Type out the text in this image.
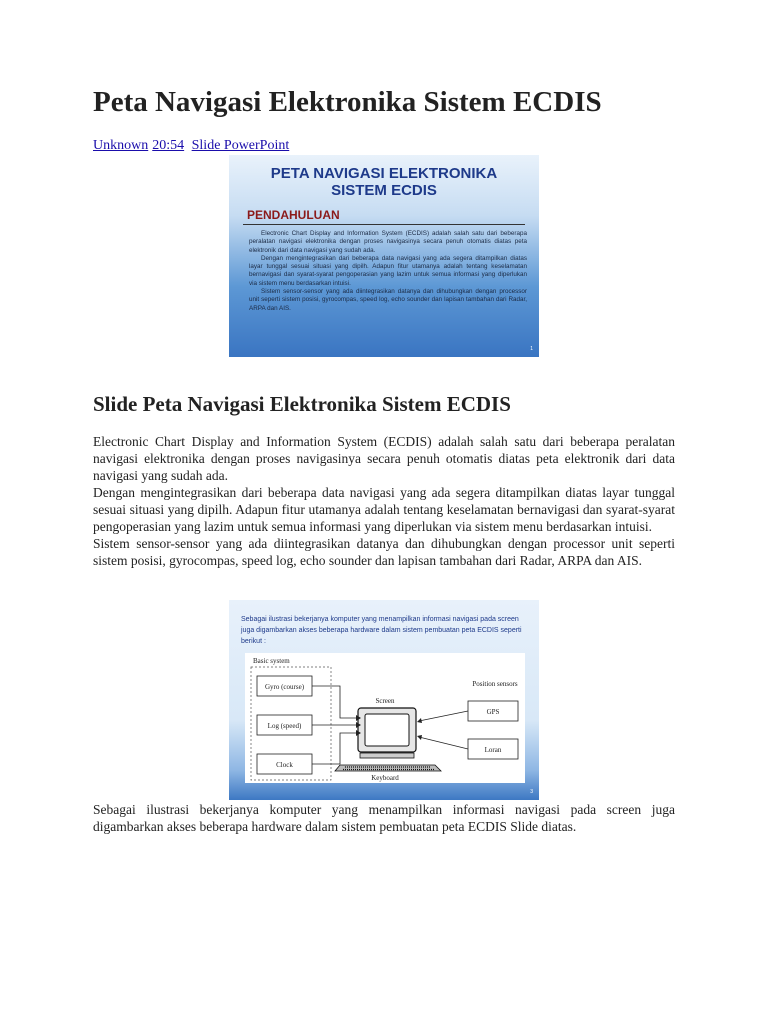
Peta Navigasi Elektronika Sistem ECDIS
Unknown 20:54 Slide PowerPoint
PETA NAVIGASI ELEKTRONIKA
SISTEM ECDIS
PENDAHULUAN

Electronic Chart Display and Information System (ECDIS) adalah salah satu dari beberapa peralatan navigasi elektronika dengan proses navigasinya secara penuh otomatis diatas peta elektronik dari data navigasi yang sudah ada.

Dengan mengintegrasikan dari beberapa data navigasi yang ada segera ditampilkan diatas layar tunggal sesuai situasi yang dipilh. Adapun fitur utamanya adalah tentang keselamatan bernavigasi dan syarat-syarat pengoperasian yang lazim untuk semua informasi yang diperlukan via sistem menu berdasarkan intuisi.

Sistem sensor-sensor yang ada diintegrasikan datanya dan dihubungkan dengan processor unit seperti sistem posisi, gyrocompas, speed log, echo sounder dan lapisan tambahan dari Radar, ARPA dan AIS.

1
Slide Peta Navigasi Elektronika Sistem ECDIS

Electronic Chart Display and Information System (ECDIS) adalah salah satu dari beberapa peralatan navigasi elektronika dengan proses navigasinya secara penuh otomatis diatas peta elektronik dari data navigasi yang sudah ada.

Dengan mengintegrasikan dari beberapa data navigasi yang ada segera ditampilkan diatas layar tunggal sesuai situasi yang dipilh. Adapun fitur utamanya adalah tentang keselamatan bernavigasi dan syarat-syarat pengoperasian yang lazim untuk semua informasi yang diperlukan via sistem menu berdasarkan intuisi.

Sistem sensor-sensor yang ada diintegrasikan datanya dan dihubungkan dengan processor unit seperti sistem posisi, gyrocompas, speed log, echo sounder dan lapisan tambahan dari Radar, ARPA dan AIS.

Sebagai ilustrasi bekerjanya komputer yang menampilkan informasi navigasi pada screen juga digambarkan akses beberapa hardware dalam sistem pembuatan peta ECDIS seperti berikut :
Basic system
Gyro (course)
Log (speed)
Clock
Screen
Keyboard
Position sensors
GPS
Loran
3

Sebagai ilustrasi bekerjanya komputer yang menampilkan informasi navigasi pada screen juga digambarkan akses beberapa hardware dalam sistem pembuatan peta ECDIS Slide diatas.
